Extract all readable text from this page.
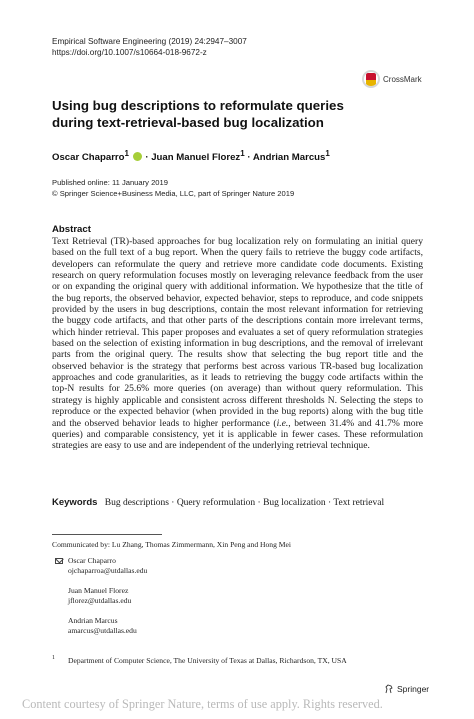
Empirical Software Engineering (2019) 24:2947–3007
https://doi.org/10.1007/s10664-018-9672-z
CrossMark
Using bug descriptions to reformulate queries during text-retrieval-based bug localization
Oscar Chaparro$^1$ · Juan Manuel Florez$^1$ · Andrian Marcus$^1$
Published online: 11 January 2019
© Springer Science+Business Media, LLC, part of Springer Nature 2019
Abstract
Text Retrieval (TR)-based approaches for bug localization rely on formulating an initial query based on the full text of a bug report. When the query fails to retrieve the buggy code artifacts, developers can reformulate the query and retrieve more candidate code documents. Existing research on query reformulation focuses mostly on leveraging relevance feedback from the user or on expanding the original query with additional information. We hypothesize that the title of the bug reports, the observed behavior, expected behavior, steps to reproduce, and code snippets provided by the users in bug descriptions, contain the most relevant information for retrieving the buggy code artifacts, and that other parts of the descriptions contain more irrelevant terms, which hinder retrieval. This paper proposes and evaluates a set of query reformulation strategies based on the selection of existing information in bug descriptions, and the removal of irrelevant parts from the original query. The results show that selecting the bug report title and the observed behavior is the strategy that performs best across various TR-based bug localization approaches and code granularities, as it leads to retrieving the buggy code artifacts within the top-N results for 25.6% more queries (on average) than without query reformulation. This strategy is highly applicable and consistent across different thresholds N. Selecting the steps to reproduce or the expected behavior (when provided in the bug reports) along with the bug title and the observed behavior leads to higher performance (i.e., between 31.4% and 41.7% more queries) and comparable consistency, yet it is applicable in fewer cases. These reformulation strategies are easy to use and are independent of the underlying retrieval technique.
Keywords Bug descriptions · Query reformulation · Bug localization · Text retrieval
Communicated by: Lu Zhang, Thomas Zimmermann, Xin Peng and Hong Mei
Oscar Chaparro
ojchaparroa@utdallas.edu
Juan Manuel Florez
jflorez@utdallas.edu
Andrian Marcus
amarcus@utdallas.edu
1 Department of Computer Science, The University of Texas at Dallas, Richardson, TX, USA
Springer
Content courtesy of Springer Nature, terms of use apply. Rights reserved.
